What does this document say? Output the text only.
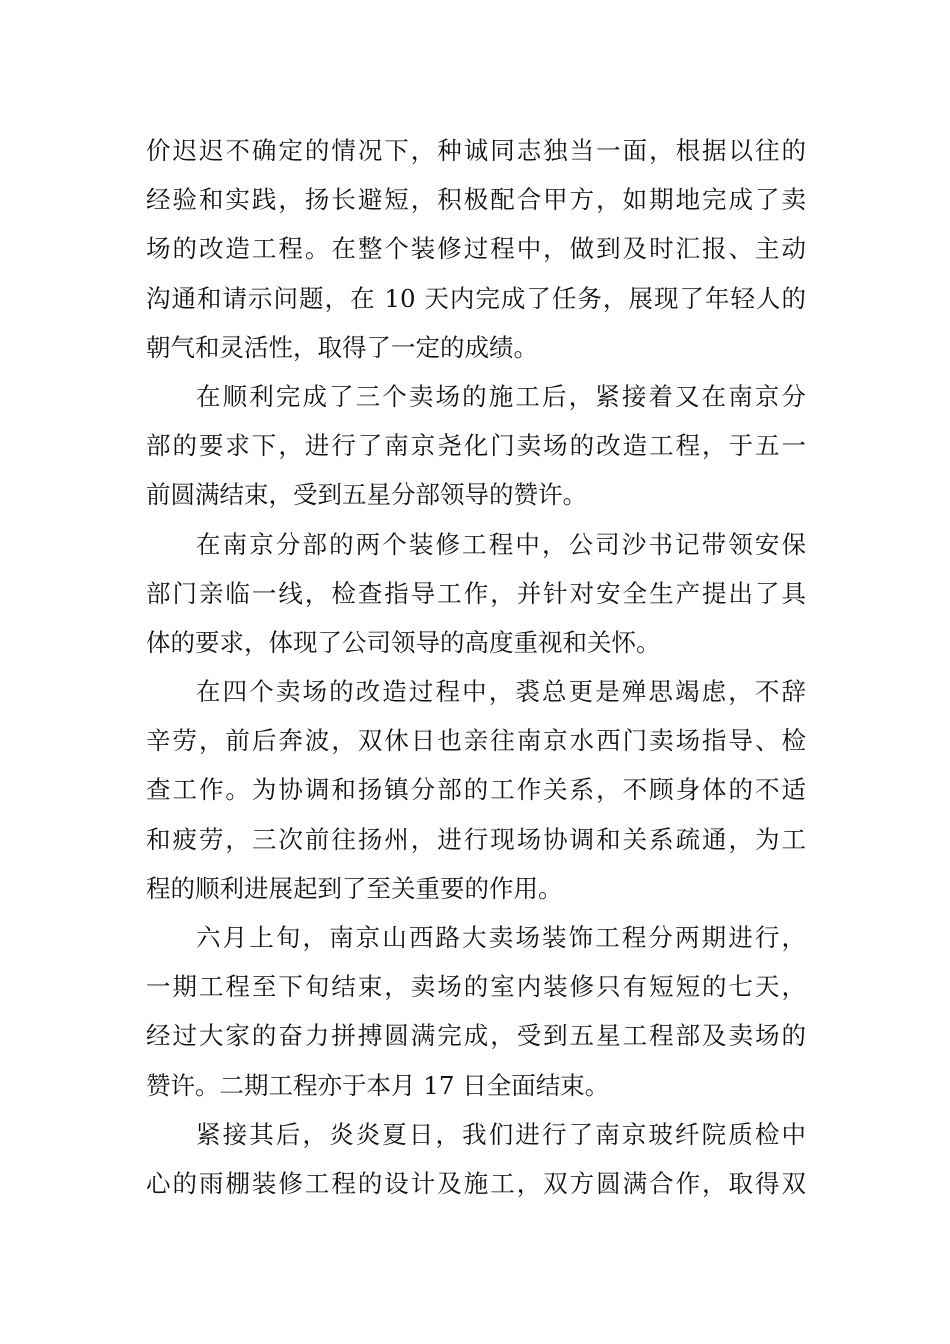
价迟迟不确定的情况下，种诚同志独当一面，根据以往的
经验和实践，扬长避短，积极配合甲方，如期地完成了卖
场的改造工程。在整个装修过程中，做到及时汇报、主动
沟通和请示问题，在 10 天内完成了任务，展现了年轻人的
朝气和灵活性，取得了一定的成绩。
在顺利完成了三个卖场的施工后，紧接着又在南京分
部的要求下，进行了南京尧化门卖场的改造工程，于五一
前圆满结束，受到五星分部领导的赞许。
在南京分部的两个装修工程中，公司沙书记带领安保
部门亲临一线，检查指导工作，并针对安全生产提出了具
体的要求，体现了公司领导的高度重视和关怀。
在四个卖场的改造过程中，裘总更是殚思竭虑，不辞
辛劳，前后奔波，双休日也亲往南京水西门卖场指导、检
查工作。为协调和扬镇分部的工作关系，不顾身体的不适
和疲劳，三次前往扬州，进行现场协调和关系疏通，为工
程的顺利进展起到了至关重要的作用。
六月上旬，南京山西路大卖场装饰工程分两期进行，
一期工程至下旬结束，卖场的室内装修只有短短的七天，
经过大家的奋力拼搏圆满完成，受到五星工程部及卖场的
赞许。二期工程亦于本月 17 日全面结束。
紧接其后，炎炎夏日，我们进行了南京玻纤院质检中
心的雨棚装修工程的设计及施工，双方圆满合作，取得双
